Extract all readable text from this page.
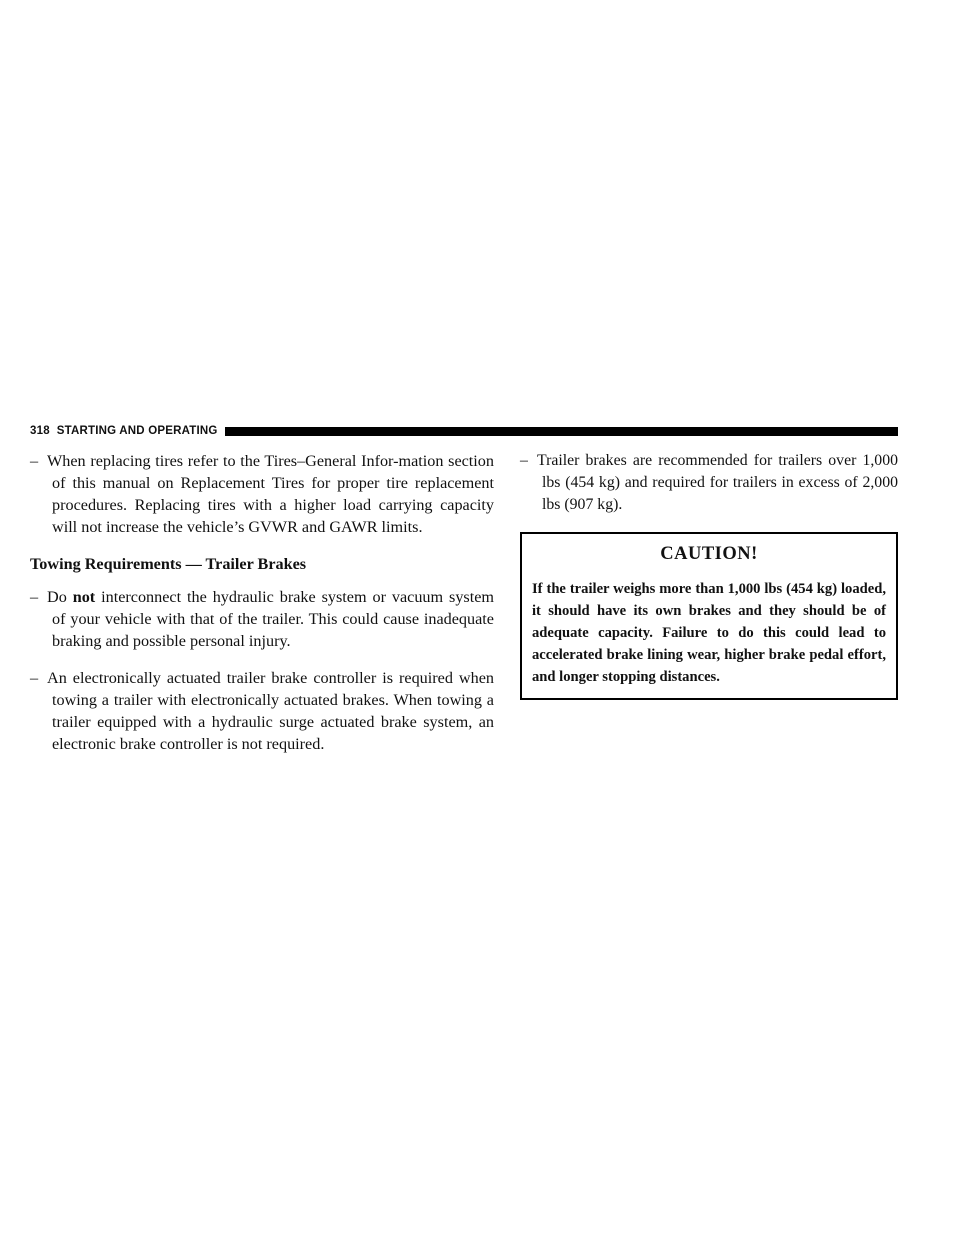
318 STARTING AND OPERATING

– When replacing tires refer to the Tires–General Infor-mation section of this manual on Replacement Tires for proper tire replacement procedures. Replacing tires with a higher load carrying capacity will not increase the vehicle’s GVWR and GAWR limits.

Towing Requirements — Trailer Brakes

– Do not interconnect the hydraulic brake system or vacuum system of your vehicle with that of the trailer. This could cause inadequate braking and possible personal injury.

– An electronically actuated trailer brake controller is required when towing a trailer with electronically actuated brakes. When towing a trailer equipped with a hydraulic surge actuated brake system, an electronic brake controller is not required.

– Trailer brakes are recommended for trailers over 1,000 lbs (454 kg) and required for trailers in excess of 2,000 lbs (907 kg).

CAUTION!
If the trailer weighs more than 1,000 lbs (454 kg) loaded, it should have its own brakes and they should be of adequate capacity. Failure to do this could lead to accelerated brake lining wear, higher brake pedal effort, and longer stopping distances.
